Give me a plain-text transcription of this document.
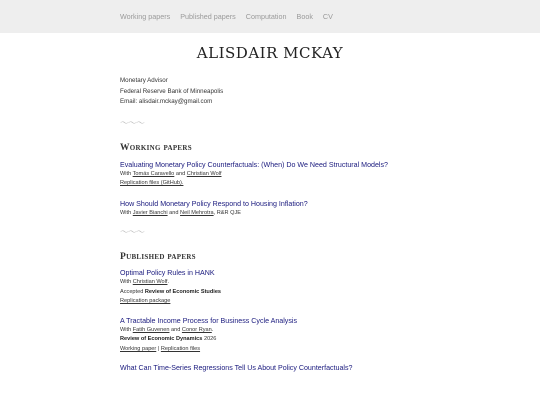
Working papers Published papers Computation Book CV
ALISDAIR MCKAY
Monetary Advisor
Federal Reserve Bank of Minneapolis
Email: alisdair.mckay@gmail.com
〜〜〜
Working papers
Evaluating Monetary Policy Counterfactuals: (When) Do We Need Structural Models?
With Tomás Caravello and Christian Wolf
Replication files (GitHub).
How Should Monetary Policy Respond to Housing Inflation?
With Javier Bianchi and Neil Mehrotra, R&R QJE
〜〜〜
Published papers
Optimal Policy Rules in HANK
With Christian Wolf.
Accepted Review of Economic Studies
Replication package
A Tractable Income Process for Business Cycle Analysis
With Fatih Guvenen and Conor Ryan.
Review of Economic Dynamics 2026
Working paper | Replication files
What Can Time-Series Regressions Tell Us About Policy Counterfactuals?
